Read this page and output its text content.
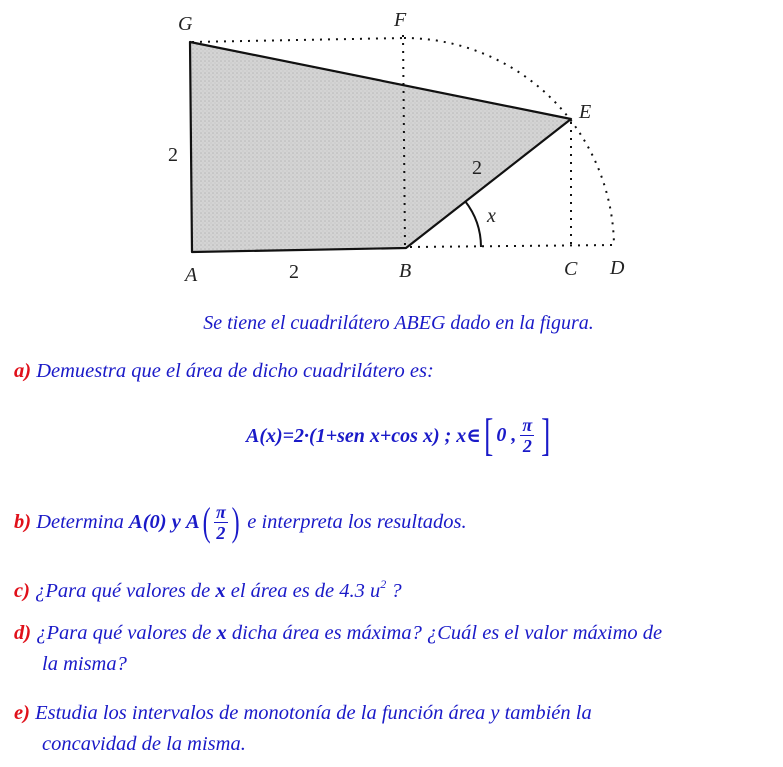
G	F
E
A	B	C D
2
2
2
x
Se tiene el cuadrilátero ABEG dado en la figura.
a) Demuestra que el área de dicho cuadrilátero es:
A(x)=2·(1+sen x+cos x) ; x∈ [ 0 , $\frac{\pi}{2}$ ]
b)
Determina
A(0)
y
A ( $\frac{\pi}{2}$ )
e interpreta los resultados.
c) ¿Para qué valores de x el área es de 4.3 $u^2$ ?
d) ¿Para qué valores de x dicha área es máxima? ¿Cuál es el valor máximo de
la misma?
e) Estudia los intervalos de monotonía de la función área y también la
concavidad de la misma.
